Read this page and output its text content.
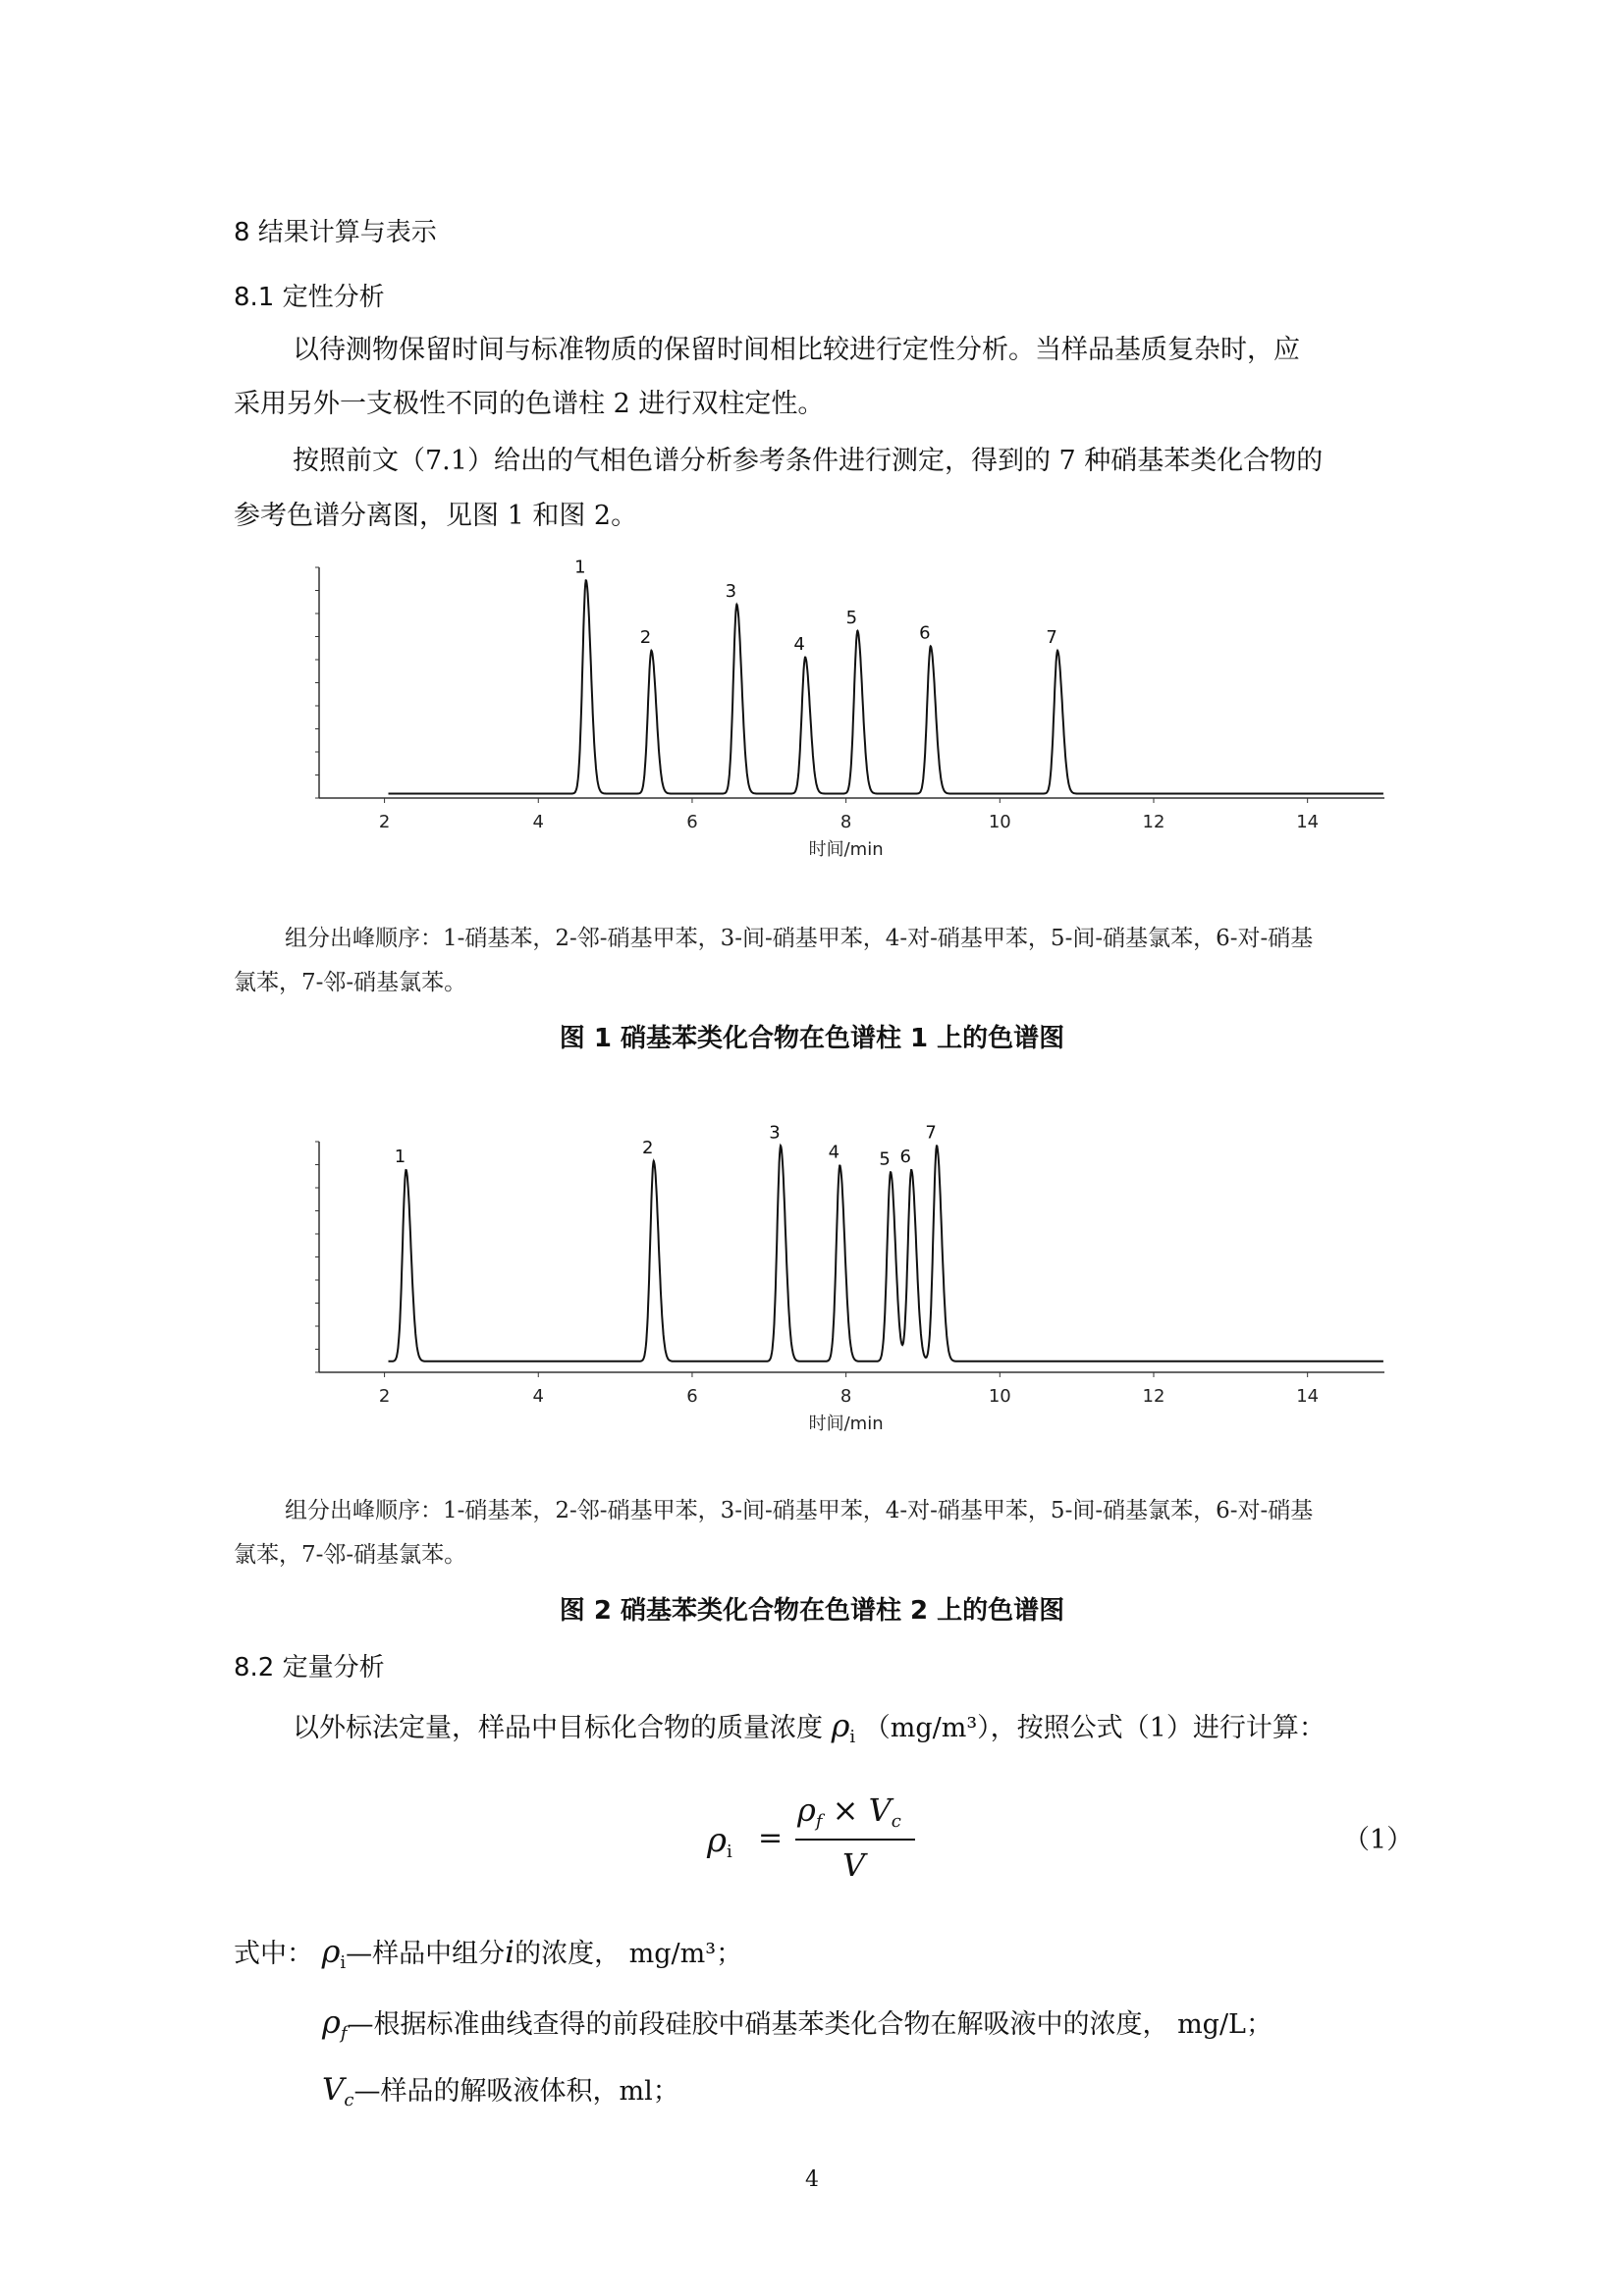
8 结果计算与表示
8.1 定性分析
以待测物保留时间与标准物质的保留时间相比较进行定性分析。当样品基质复杂时，应
采用另外一支极性不同的色谱柱 2 进行双柱定性。
按照前文（7.1）给出的气相色谱分析参考条件进行测定，得到的 7 种硝基苯类化合物的
参考色谱分离图，见图 1 和图 2。
2	4	6	8	10	12	14
时间/min
1
2
3
4
5
6	7
组分出峰顺序：1-硝基苯，2-邻-硝基甲苯，3-间-硝基甲苯，4-对-硝基甲苯，5-间-硝基氯苯，6-对-硝基
氯苯，7-邻-硝基氯苯。
图 1 硝基苯类化合物在色谱柱 1 上的色谱图
2	4	6	8	10	12	14
时间/min
1	2
3
4 5 6
7
组分出峰顺序：1-硝基苯，2-邻-硝基甲苯，3-间-硝基甲苯，4-对-硝基甲苯，5-间-硝基氯苯，6-对-硝基
氯苯，7-邻-硝基氯苯。
图 2 硝基苯类化合物在色谱柱 2 上的色谱图
8.2 定量分析
以外标法定量，样品中目标化合物的质量浓度 $\rho_i$ （mg/m³），按照公式（1）进行计算：
$\rho_i$ =
ρf × Vc
V
（1）
式中： $\rho_i—$样品中组分i的浓度， mg/m³；
$\rho_f—$根据标准曲线查得的前段硅胶中硝基苯类化合物在解吸液中的浓度， mg/L；
$V_c—$样品的解吸液体积，ml；
4
